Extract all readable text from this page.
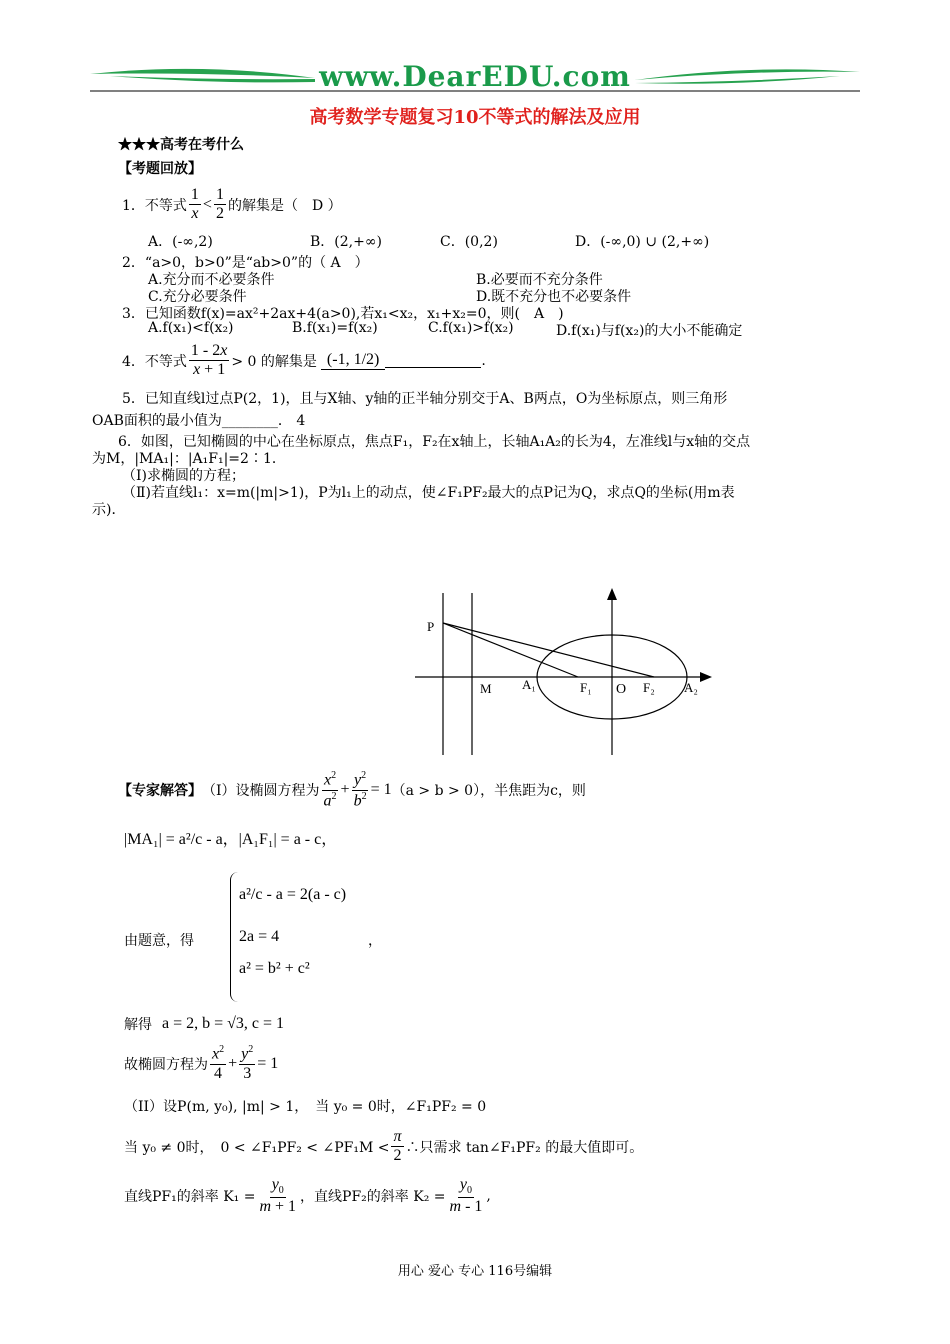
www.DearEDU.com
高考数学专题复习10不等式的解法及应用
★★★高考在考什么
【考题回放】
1．不等式 $\frac{1}{x} < \frac{1}{2}$ 的解集是（　D ）
A．(-∞,2)	B．(2,+∞)	C．(0,2)	D．(-∞,0) ∪ (2,+∞)
2．“a>0，b>0”是“ab>0”的（ A　）
A.充分而不必要条件	B.必要而不充分条件
C.充分必要条件	D.既不充分也不必要条件
3．已知函数f(x)=ax²+2ax+4(a>0),若x₁<x₂，x₁+x₂=0，则(　A　)
A.f(x₁)<f(x₂)	B.f(x₁)=f(x₂)	C.f(x₁)>f(x₂)	D.f(x₁)与f(x₂)的大小不能确定
4．不等式 $\frac{1 - 2x}{x + 1} > 0$ 的解集是 (-1, 1/2)	.
5．已知直线l过点P(2，1)，且与X轴、y轴的正半轴分别交于A、B两点，O为坐标原点，则三角形
OAB面积的最小值为________． 4
6．如图，已知椭圆的中心在坐标原点，焦点F₁，F₂在x轴上，长轴A₁A₂的长为4，左准线l与x轴的交点
为M，|MA₁|：|A₁F₁|=2∶1．
（Ⅰ)求椭圆的方程；
（Ⅱ)若直线l₁：x=m(|m|>1)，P为l₁上的动点，使∠F₁PF₂最大的点P记为Q，求点Q的坐标(用m表
示)．
P
M A₁	F₁ O F₂ A₂
【专家解答】 （Ⅰ）设椭圆方程为 $\frac{x^2}{a^2} + \frac{y^2}{b^2} = 1$ （a > b > 0），半焦距为c，则
|MA₁| = a²/c - a，|A₁F₁| = a - c，
由题意，得
a²/c - a = 2(a - c)
2a = 4
a² = b² + c²
，
解得 a = 2, b = √3, c = 1
故椭圆方程为 $\frac{x^2}{4} + \frac{y^2}{3} = 1$
（II）设P(m, y₀), |m| > 1，　当 y₀ = 0时，∠F₁PF₂ = 0
当 y₀ ≠ 0时，　0 < ∠F₁PF₂ < ∠PF₁M < $\frac{\pi}{2}$ ∴只需求 tan∠F₁PF₂ 的最大值即可。
直线PF₁的斜率 $K_1 = \frac{y_0}{m + 1}$ ，直线PF₂的斜率 $K_2 = \frac{y_0}{m - 1}$ ,
用心 爱心 专心 116号编辑
